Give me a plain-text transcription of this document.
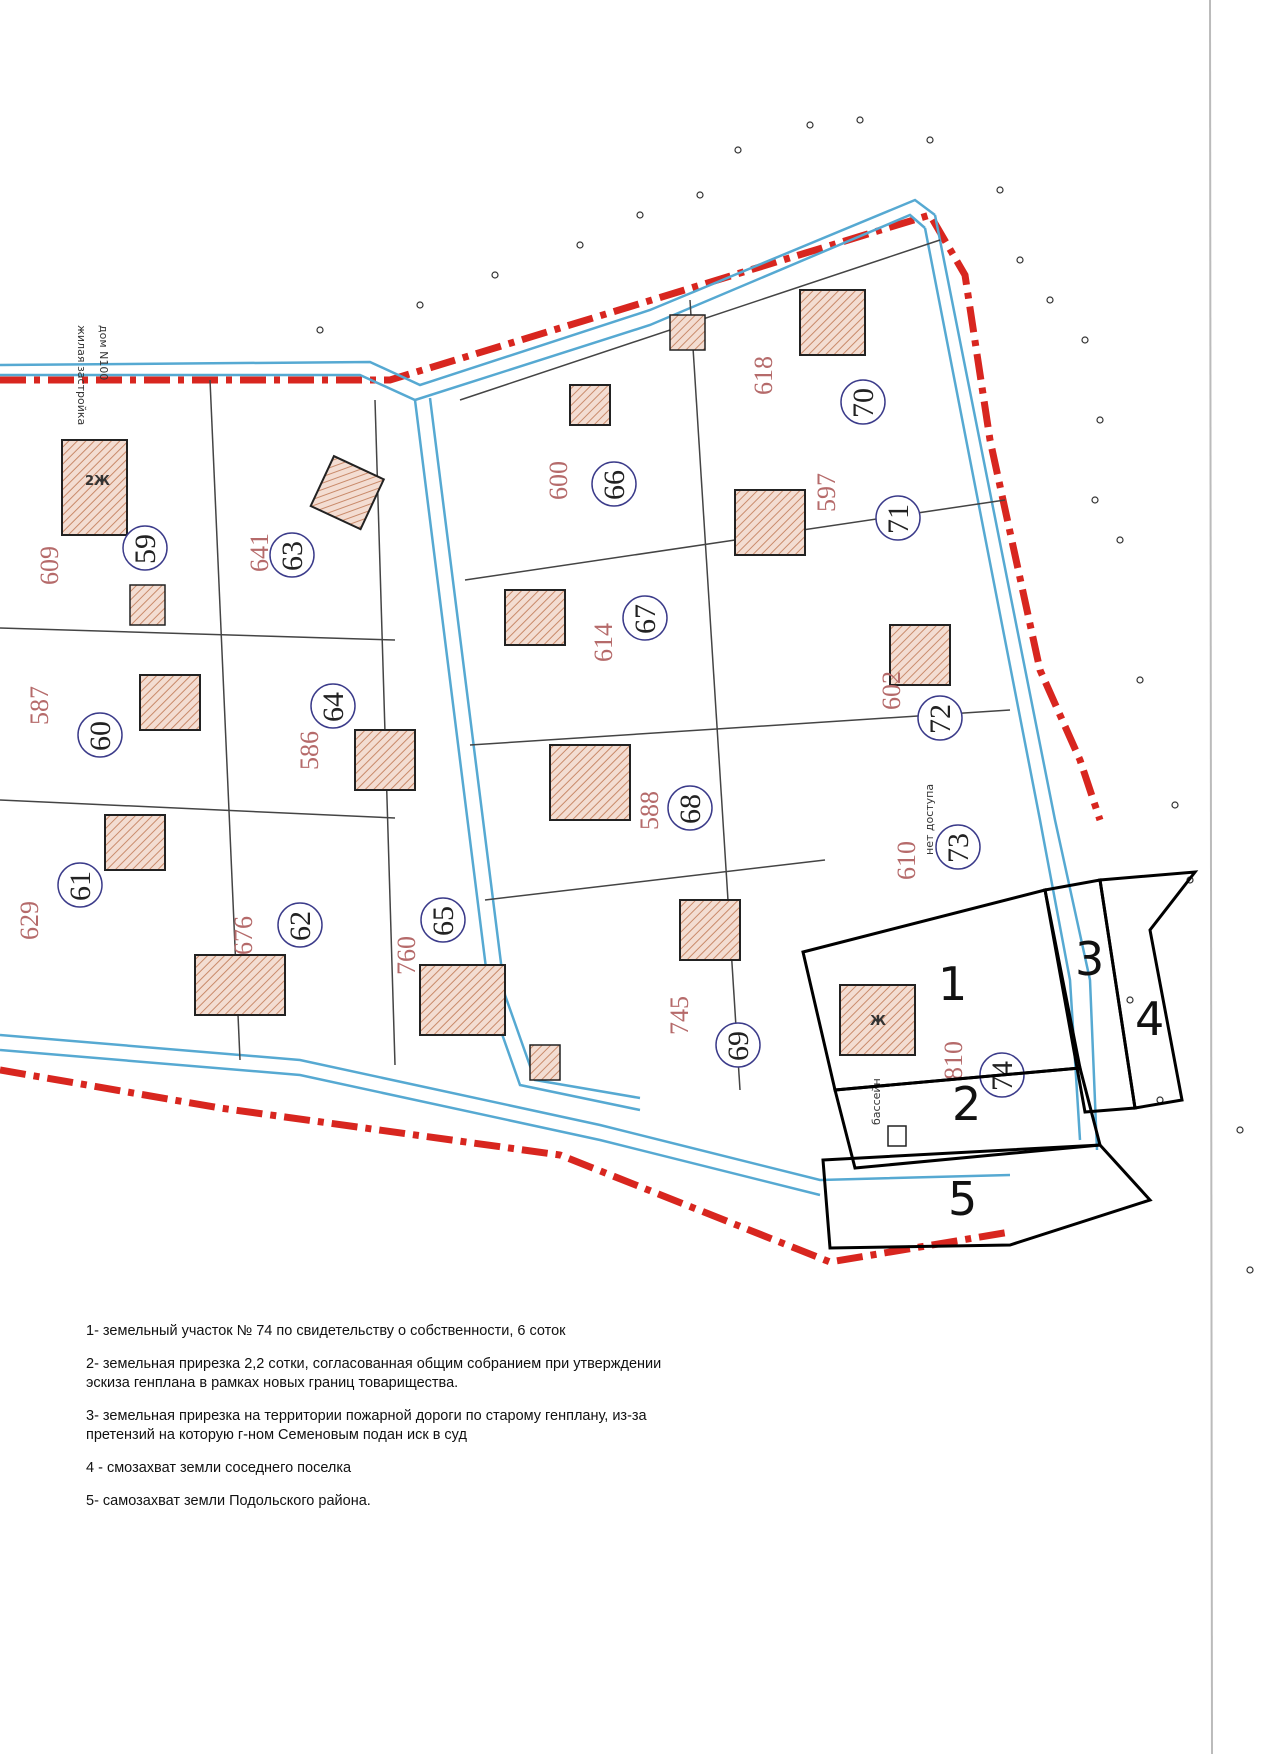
2Ж
Ж
бассейн
нет доступа
жилая застройка дом N100
59
609
60
587
61
629	62
676
63
641
64
586
65
760
66
600
67
614
68
588
69
745
70
618
71
597
72
602
73
610
74
810
1
2
3
4
5

1- земельный участок № 74 по свидетельству о собственности, 6 соток

2- земельная прирезка 2,2 сотки, согласованная общим собранием при утверждении эскиза генплана в рамках новых границ товарищества.

3- земельная прирезка на территории пожарной дороги по старому генплану, из-за претензий на которую г-ном Семеновым подан иск в суд

4 - смозахват земли соседнего поселка

5- самозахват земли Подольского района.
